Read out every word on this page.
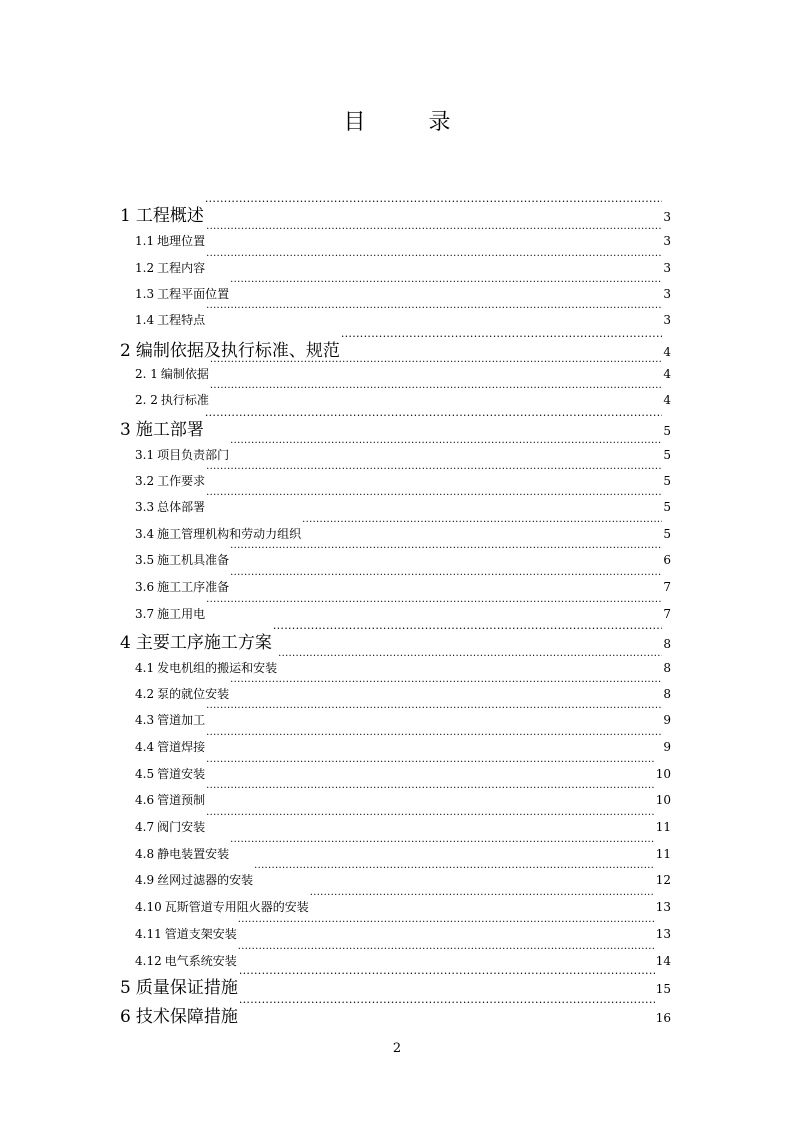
目 录
1 工程概述 .....	3
1.1 地理位置 .....	3
1.2 工程内容 .....	3
1.3 工程平面位置 .....	3
1.4 工程特点 .....	3
2 编制依据及执行标准、规范 .....	4
2. 1 编制依据 .....	4
2. 2 执行标准 .....	4
3 施工部署 .....	5
3.1 项目负责部门 .....	5
3.2 工作要求 .....	5
3.3 总体部署 .....	5
3.4 施工管理机构和劳动力组织 .....	5
3.5 施工机具准备 .....	6
3.6 施工工序准备 .....	7
3.7 施工用电 .....	7
4 主要工序施工方案 .....	8
4.1 发电机组的搬运和安装 .....	8
4.2 泵的就位安装 .....	8
4.3 管道加工 .....	9
4.4 管道焊接 .....	9
4.5 管道安装 .....	10
4.6 管道预制 .....	10
4.7 阀门安装 .....	11
4.8 静电装置安装 .....	11
4.9 丝网过滤器的安装 .....	12
4.10 瓦斯管道专用阻火器的安装 .....	13
4.11 管道支架安装 .....	13
4.12 电气系统安装 .....	14
5 质量保证措施 .....	15
6 技术保障措施 .....	16
2
